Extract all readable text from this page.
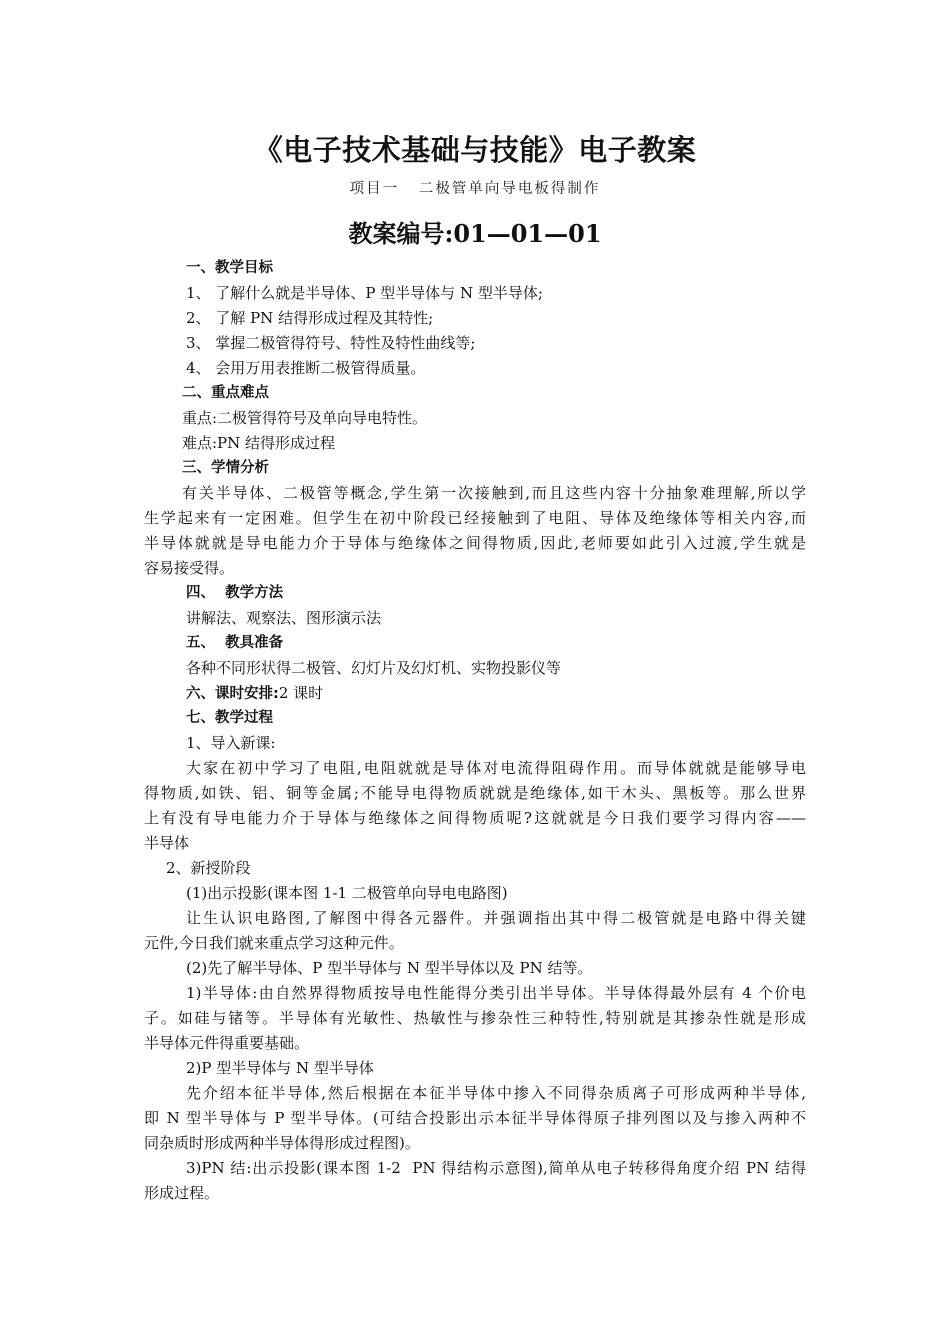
《电子技术基础与技能》电子教案
项目一   二极管单向导电板得制作
教案编号:01—01—01
一、教学目标
1、 了解什么就是半导体、P 型半导体与 N 型半导体;
2、 了解 PN 结得形成过程及其特性;
3、 掌握二极管得符号、特性及特性曲线等;
4、 会用万用表推断二极管得质量。
二、重点难点
重点:二极管得符号及单向导电特性。
难点:PN 结得形成过程
三、学情分析
有关半导体、二极管等概念,学生第一次接触到,而且这些内容十分抽象难理解,所以学
生学起来有一定困难。但学生在初中阶段已经接触到了电阻、导体及绝缘体等相关内容,而
半导体就就是导电能力介于导体与绝缘体之间得物质,因此,老师要如此引入过渡,学生就是
容易接受得。
四、  教学方法
讲解法、观察法、图形演示法
五、  教具准备
各种不同形状得二极管、幻灯片及幻灯机、实物投影仪等
六、课时安排:2 课时
七、教学过程
1、导入新课:
大家在初中学习了电阻,电阻就就是导体对电流得阻碍作用。而导体就就是能够导电
得物质,如铁、铝、铜等金属;不能导电得物质就就是绝缘体,如干木头、黑板等。那么世界
上有没有导电能力介于导体与绝缘体之间得物质呢?这就就是今日我们要学习得内容——
半导体
2、新授阶段
(1)出示投影(课本图 1-1 二极管单向导电电路图)
让生认识电路图,了解图中得各元器件。并强调指出其中得二极管就是电路中得关键
元件,今日我们就来重点学习这种元件。
(2)先了解半导体、P 型半导体与 N 型半导体以及 PN 结等。
1)半导体:由自然界得物质按导电性能得分类引出半导体。半导体得最外层有 4 个价电
子。如硅与锗等。半导体有光敏性、热敏性与掺杂性三种特性,特别就是其掺杂性就是形成
半导体元件得重要基础。
2)P 型半导体与 N 型半导体
先介绍本征半导体,然后根据在本征半导体中掺入不同得杂质离子可形成两种半导体,
即 N 型半导体与 P 型半导体。(可结合投影出示本征半导体得原子排列图以及与掺入两种不
同杂质时形成两种半导体得形成过程图)。
3)PN 结:出示投影(课本图 1-2  PN 得结构示意图),简单从电子转移得角度介绍 PN 结得
形成过程。
